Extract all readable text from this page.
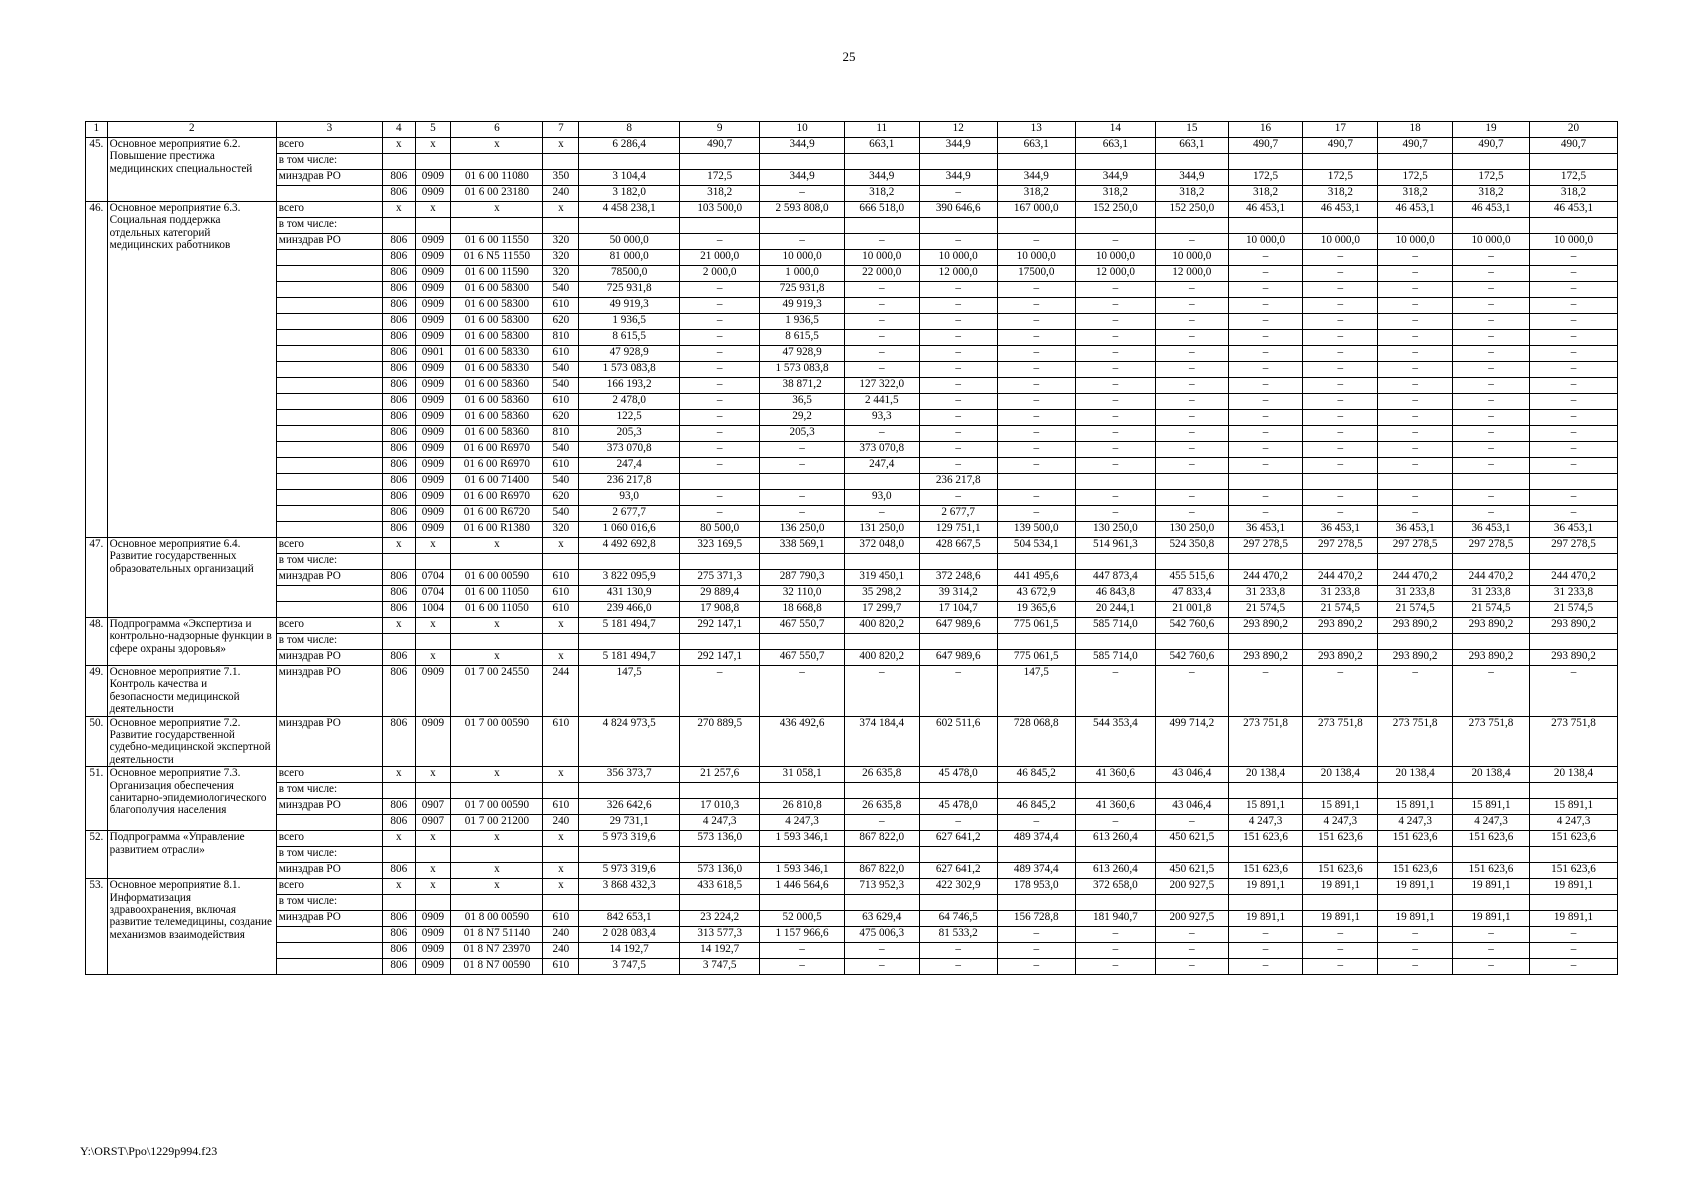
25
1	2	3	4	5	6	7	8	9	10	11	12	13	14	15	16	17	18	19	20
45.	Основное мероприятие 6.2. Повышение престижа медицинских специальностей	всего	x	x	x	x	6 286,4	490,7	344,9	663,1	344,9	663,1	663,1	663,1	490,7	490,7	490,7	490,7	490,7
		в том числе:																	
		минздрав РО	806	0909	01 6 00 11080	350	3 104,4	172,5	344,9	344,9	344,9	344,9	344,9	344,9	172,5	172,5	172,5	172,5	172,5
			806	0909	01 6 00 23180	240	3 182,0	318,2	–	318,2	–	318,2	318,2	318,2	318,2	318,2	318,2	318,2	318,2
46.	Основное мероприятие 6.3. Социальная поддержка отдельных категорий медицинских работников	всего	x	x	x	x	4 458 238,1	103 500,0	2 593 808,0	666 518,0	390 646,6	167 000,0	152 250,0	152 250,0	46 453,1	46 453,1	46 453,1	46 453,1	46 453,1
		в том числе:																	
		минздрав РО	806	0909	01 6 00 11550	320	50 000,0	–	–	–	–	–	–	–	10 000,0	10 000,0	10 000,0	10 000,0	10 000,0
			806	0909	01 6 N5 11550	320	81 000,0	21 000,0	10 000,0	10 000,0	10 000,0	10 000,0	10 000,0	10 000,0	–	–	–	–	–
			806	0909	01 6 00 11590	320	78500,0	2 000,0	1 000,0	22 000,0	12 000,0	17500,0	12 000,0	12 000,0	–	–	–	–	–
			806	0909	01 6 00 58300	540	725 931,8	–	725 931,8	–	–	–	–	–	–	–	–	–	–
			806	0909	01 6 00 58300	610	49 919,3	–	49 919,3	–	–	–	–	–	–	–	–	–	–
			806	0909	01 6 00 58300	620	1 936,5	–	1 936,5	–	–	–	–	–	–	–	–	–	–
			806	0909	01 6 00 58300	810	8 615,5	–	8 615,5	–	–	–	–	–	–	–	–	–	–
			806	0901	01 6 00 58330	610	47 928,9	–	47 928,9	–	–	–	–	–	–	–	–	–	–
			806	0909	01 6 00 58330	540	1 573 083,8	–	1 573 083,8	–	–	–	–	–	–	–	–	–	–
			806	0909	01 6 00 58360	540	166 193,2	–	38 871,2	127 322,0	–	–	–	–	–	–	–	–	–
			806	0909	01 6 00 58360	610	2 478,0	–	36,5	2 441,5	–	–	–	–	–	–	–	–	–
			806	0909	01 6 00 58360	620	122,5	–	29,2	93,3	–	–	–	–	–	–	–	–	–
			806	0909	01 6 00 58360	810	205,3	–	205,3	–	–	–	–	–	–	–	–	–	–
			806	0909	01 6 00 R6970	540	373 070,8	–	–	373 070,8	–	–	–	–	–	–	–	–	–
			806	0909	01 6 00 R6970	610	247,4	–	–	247,4	–	–	–	–	–	–	–	–	–
			806	0909	01 6 00 71400	540	236 217,8				236 217,8								
			806	0909	01 6 00 R6970	620	93,0	–	–	93,0	–	–	–	–	–	–	–	–	–
			806	0909	01 6 00 R6720	540	2 677,7	–	–	–	2 677,7	–	–	–	–	–	–	–	–
			806	0909	01 6 00 R1380	320	1 060 016,6	80 500,0	136 250,0	131 250,0	129 751,1	139 500,0	130 250,0	130 250,0	36 453,1	36 453,1	36 453,1	36 453,1	36 453,1
47.	Основное мероприятие 6.4. Развитие государственных образовательных организаций	всего	x	x	x	x	4 492 692,8	323 169,5	338 569,1	372 048,0	428 667,5	504 534,1	514 961,3	524 350,8	297 278,5	297 278,5	297 278,5	297 278,5	297 278,5
		в том числе:																	
		минздрав РО	806	0704	01 6 00 00590	610	3 822 095,9	275 371,3	287 790,3	319 450,1	372 248,6	441 495,6	447 873,4	455 515,6	244 470,2	244 470,2	244 470,2	244 470,2	244 470,2
			806	0704	01 6 00 11050	610	431 130,9	29 889,4	32 110,0	35 298,2	39 314,2	43 672,9	46 843,8	47 833,4	31 233,8	31 233,8	31 233,8	31 233,8	31 233,8
			806	1004	01 6 00 11050	610	239 466,0	17 908,8	18 668,8	17 299,7	17 104,7	19 365,6	20 244,1	21 001,8	21 574,5	21 574,5	21 574,5	21 574,5	21 574,5
48.	Подпрограмма «Экспертиза и контрольно-надзорные функции в сфере охраны здоровья»	всего	x	x	x	x	5 181 494,7	292 147,1	467 550,7	400 820,2	647 989,6	775 061,5	585 714,0	542 760,6	293 890,2	293 890,2	293 890,2	293 890,2	293 890,2
		в том числе:																	
		минздрав РО	806	x	x	x	5 181 494,7	292 147,1	467 550,7	400 820,2	647 989,6	775 061,5	585 714,0	542 760,6	293 890,2	293 890,2	293 890,2	293 890,2	293 890,2
49.	Основное мероприятие 7.1. Контроль качества и безопасности медицинской деятельности	минздрав РО	806	0909	01 7 00 24550	244	147,5	–	–	–	–	147,5	–	–	–	–	–	–	–
50.	Основное мероприятие 7.2. Развитие государственной судебно-медицинской экспертной деятельности	минздрав РО	806	0909	01 7 00 00590	610	4 824 973,5	270 889,5	436 492,6	374 184,4	602 511,6	728 068,8	544 353,4	499 714,2	273 751,8	273 751,8	273 751,8	273 751,8	273 751,8
51.	Основное мероприятие 7.3. Организация обеспечения санитарно-эпидемиологического благополучия населения	всего	x	x	x	x	356 373,7	21 257,6	31 058,1	26 635,8	45 478,0	46 845,2	41 360,6	43 046,4	20 138,4	20 138,4	20 138,4	20 138,4	20 138,4
		в том числе:																	
		минздрав РО	806	0907	01 7 00 00590	610	326 642,6	17 010,3	26 810,8	26 635,8	45 478,0	46 845,2	41 360,6	43 046,4	15 891,1	15 891,1	15 891,1	15 891,1	15 891,1
			806	0907	01 7 00 21200	240	29 731,1	4 247,3	4 247,3	–	–	–	–	–	4 247,3	4 247,3	4 247,3	4 247,3	4 247,3
52.	Подпрограмма «Управление развитием отрасли»	всего	x	x	x	x	5 973 319,6	573 136,0	1 593 346,1	867 822,0	627 641,2	489 374,4	613 260,4	450 621,5	151 623,6	151 623,6	151 623,6	151 623,6	151 623,6
		в том числе:																	
		минздрав РО	806	x	x	x	5 973 319,6	573 136,0	1 593 346,1	867 822,0	627 641,2	489 374,4	613 260,4	450 621,5	151 623,6	151 623,6	151 623,6	151 623,6	151 623,6
53.	Основное мероприятие 8.1. Информатизация здравоохранения, включая развитие телемедицины, создание механизмов взаимодействия	всего	x	x	x	x	3 868 432,3	433 618,5	1 446 564,6	713 952,3	422 302,9	178 953,0	372 658,0	200 927,5	19 891,1	19 891,1	19 891,1	19 891,1	19 891,1
		в том числе:																	
		минздрав РО	806	0909	01 8 00 00590	610	842 653,1	23 224,2	52 000,5	63 629,4	64 746,5	156 728,8	181 940,7	200 927,5	19 891,1	19 891,1	19 891,1	19 891,1	19 891,1
			806	0909	01 8 N7 51140	240	2 028 083,4	313 577,3	1 157 966,6	475 006,3	81 533,2	–	–	–	–	–	–	–	–
			806	0909	01 8 N7 23970	240	14 192,7	14 192,7	–	–	–	–	–	–	–	–	–	–	–
			806	0909	01 8 N7 00590	610	3 747,5	3 747,5	–	–	–	–	–	–	–	–	–	–	–
Y:\ORST\Ppo\1229p994.f23
